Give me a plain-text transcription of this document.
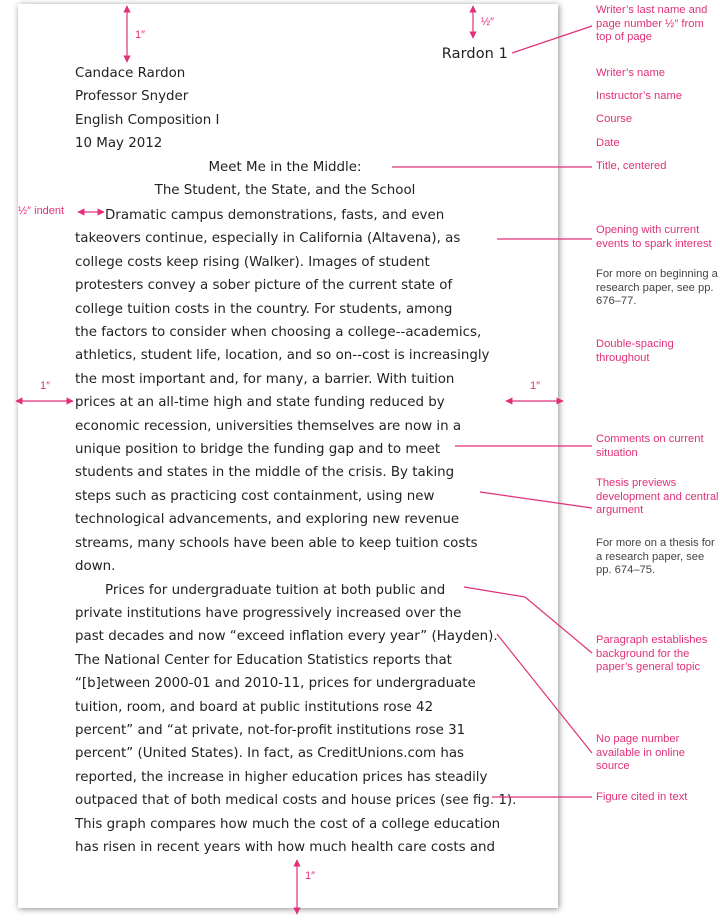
Rardon 1
Candace Rardon
Professor Snyder
English Composition I
10 May 2012
Meet Me in the Middle:
The Student, the State, and the School
Dramatic campus demonstrations, fasts, and even
takeovers continue, especially in California (Altavena), as
college costs keep rising (Walker). Images of student
protesters convey a sober picture of the current state of
college tuition costs in the country. For students, among
the factors to consider when choosing a college--academics,
athletics, student life, location, and so on--cost is increasingly
the most important and, for many, a barrier. With tuition
prices at an all-time high and state funding reduced by
economic recession, universities themselves are now in a
unique position to bridge the funding gap and to meet
students and states in the middle of the crisis. By taking
steps such as practicing cost containment, using new
technological advancements, and exploring new revenue
streams, many schools have been able to keep tuition costs
down.
Prices for undergraduate tuition at both public and
private institutions have progressively increased over the
past decades and now “exceed inflation every year” (Hayden).
The National Center for Education Statistics reports that
“[b]etween 2000-01 and 2010-11, prices for undergraduate
tuition, room, and board at public institutions rose 42
percent” and “at private, not-for-profit institutions rose 31
percent” (United States). In fact, as CreditUnions.com has
reported, the increase in higher education prices has steadily
outpaced that of both medical costs and house prices (see fig. 1).
This graph compares how much the cost of a college education
has risen in recent years with how much health care costs and
1″
½″
1″	1″
½″ indent
1″
Writer’s last name and page number ½″ from top of page
Writer’s name
Instructor’s name
Course
Date
Title, centered
Opening with current events to spark interest
For more on beginning a research paper, see pp. 676–77.
Double-spacing throughout
Comments on current situation
Thesis previews development and central argument
For more on a thesis for a research paper, see pp. 674–75.
Paragraph establishes background for the paper’s general topic
No page number available in online source
Figure cited in text
